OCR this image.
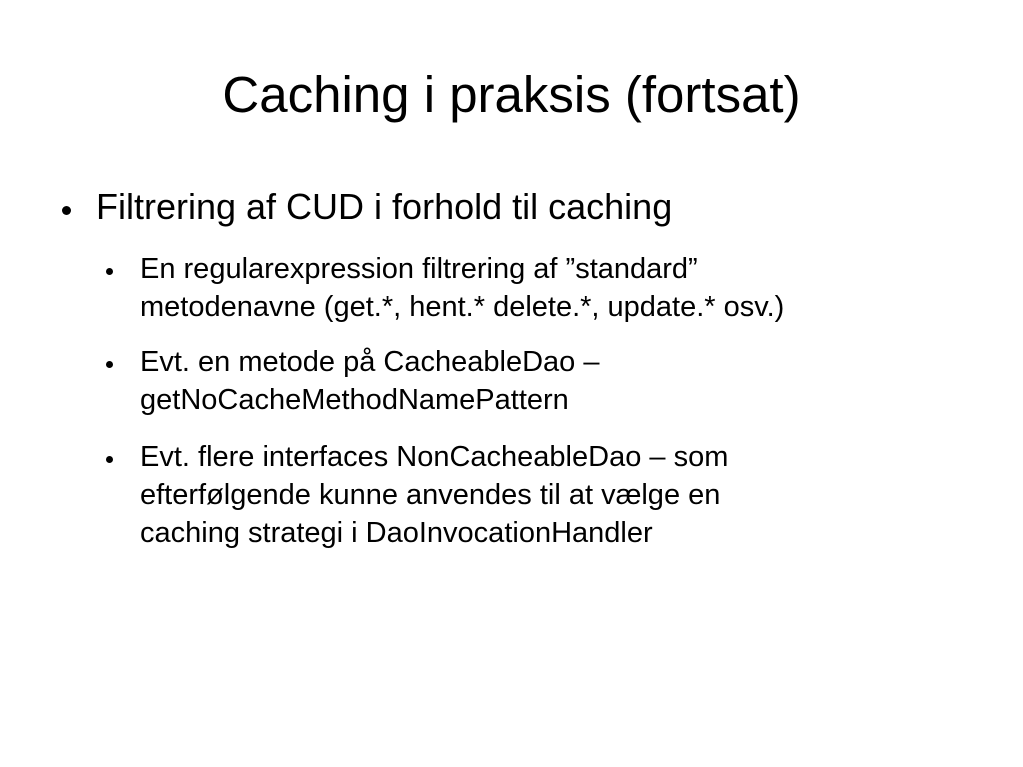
Caching i praksis (fortsat)
Filtrering af CUD i forhold til caching
En regularexpression filtrering af ”standard”
metodenavne (get.*, hent.* delete.*, update.* osv.)
Evt. en metode på CacheableDao –
getNoCacheMethodNamePattern
Evt. flere interfaces NonCacheableDao – som
efterfølgende kunne anvendes til at vælge en
caching strategi i DaoInvocationHandler
